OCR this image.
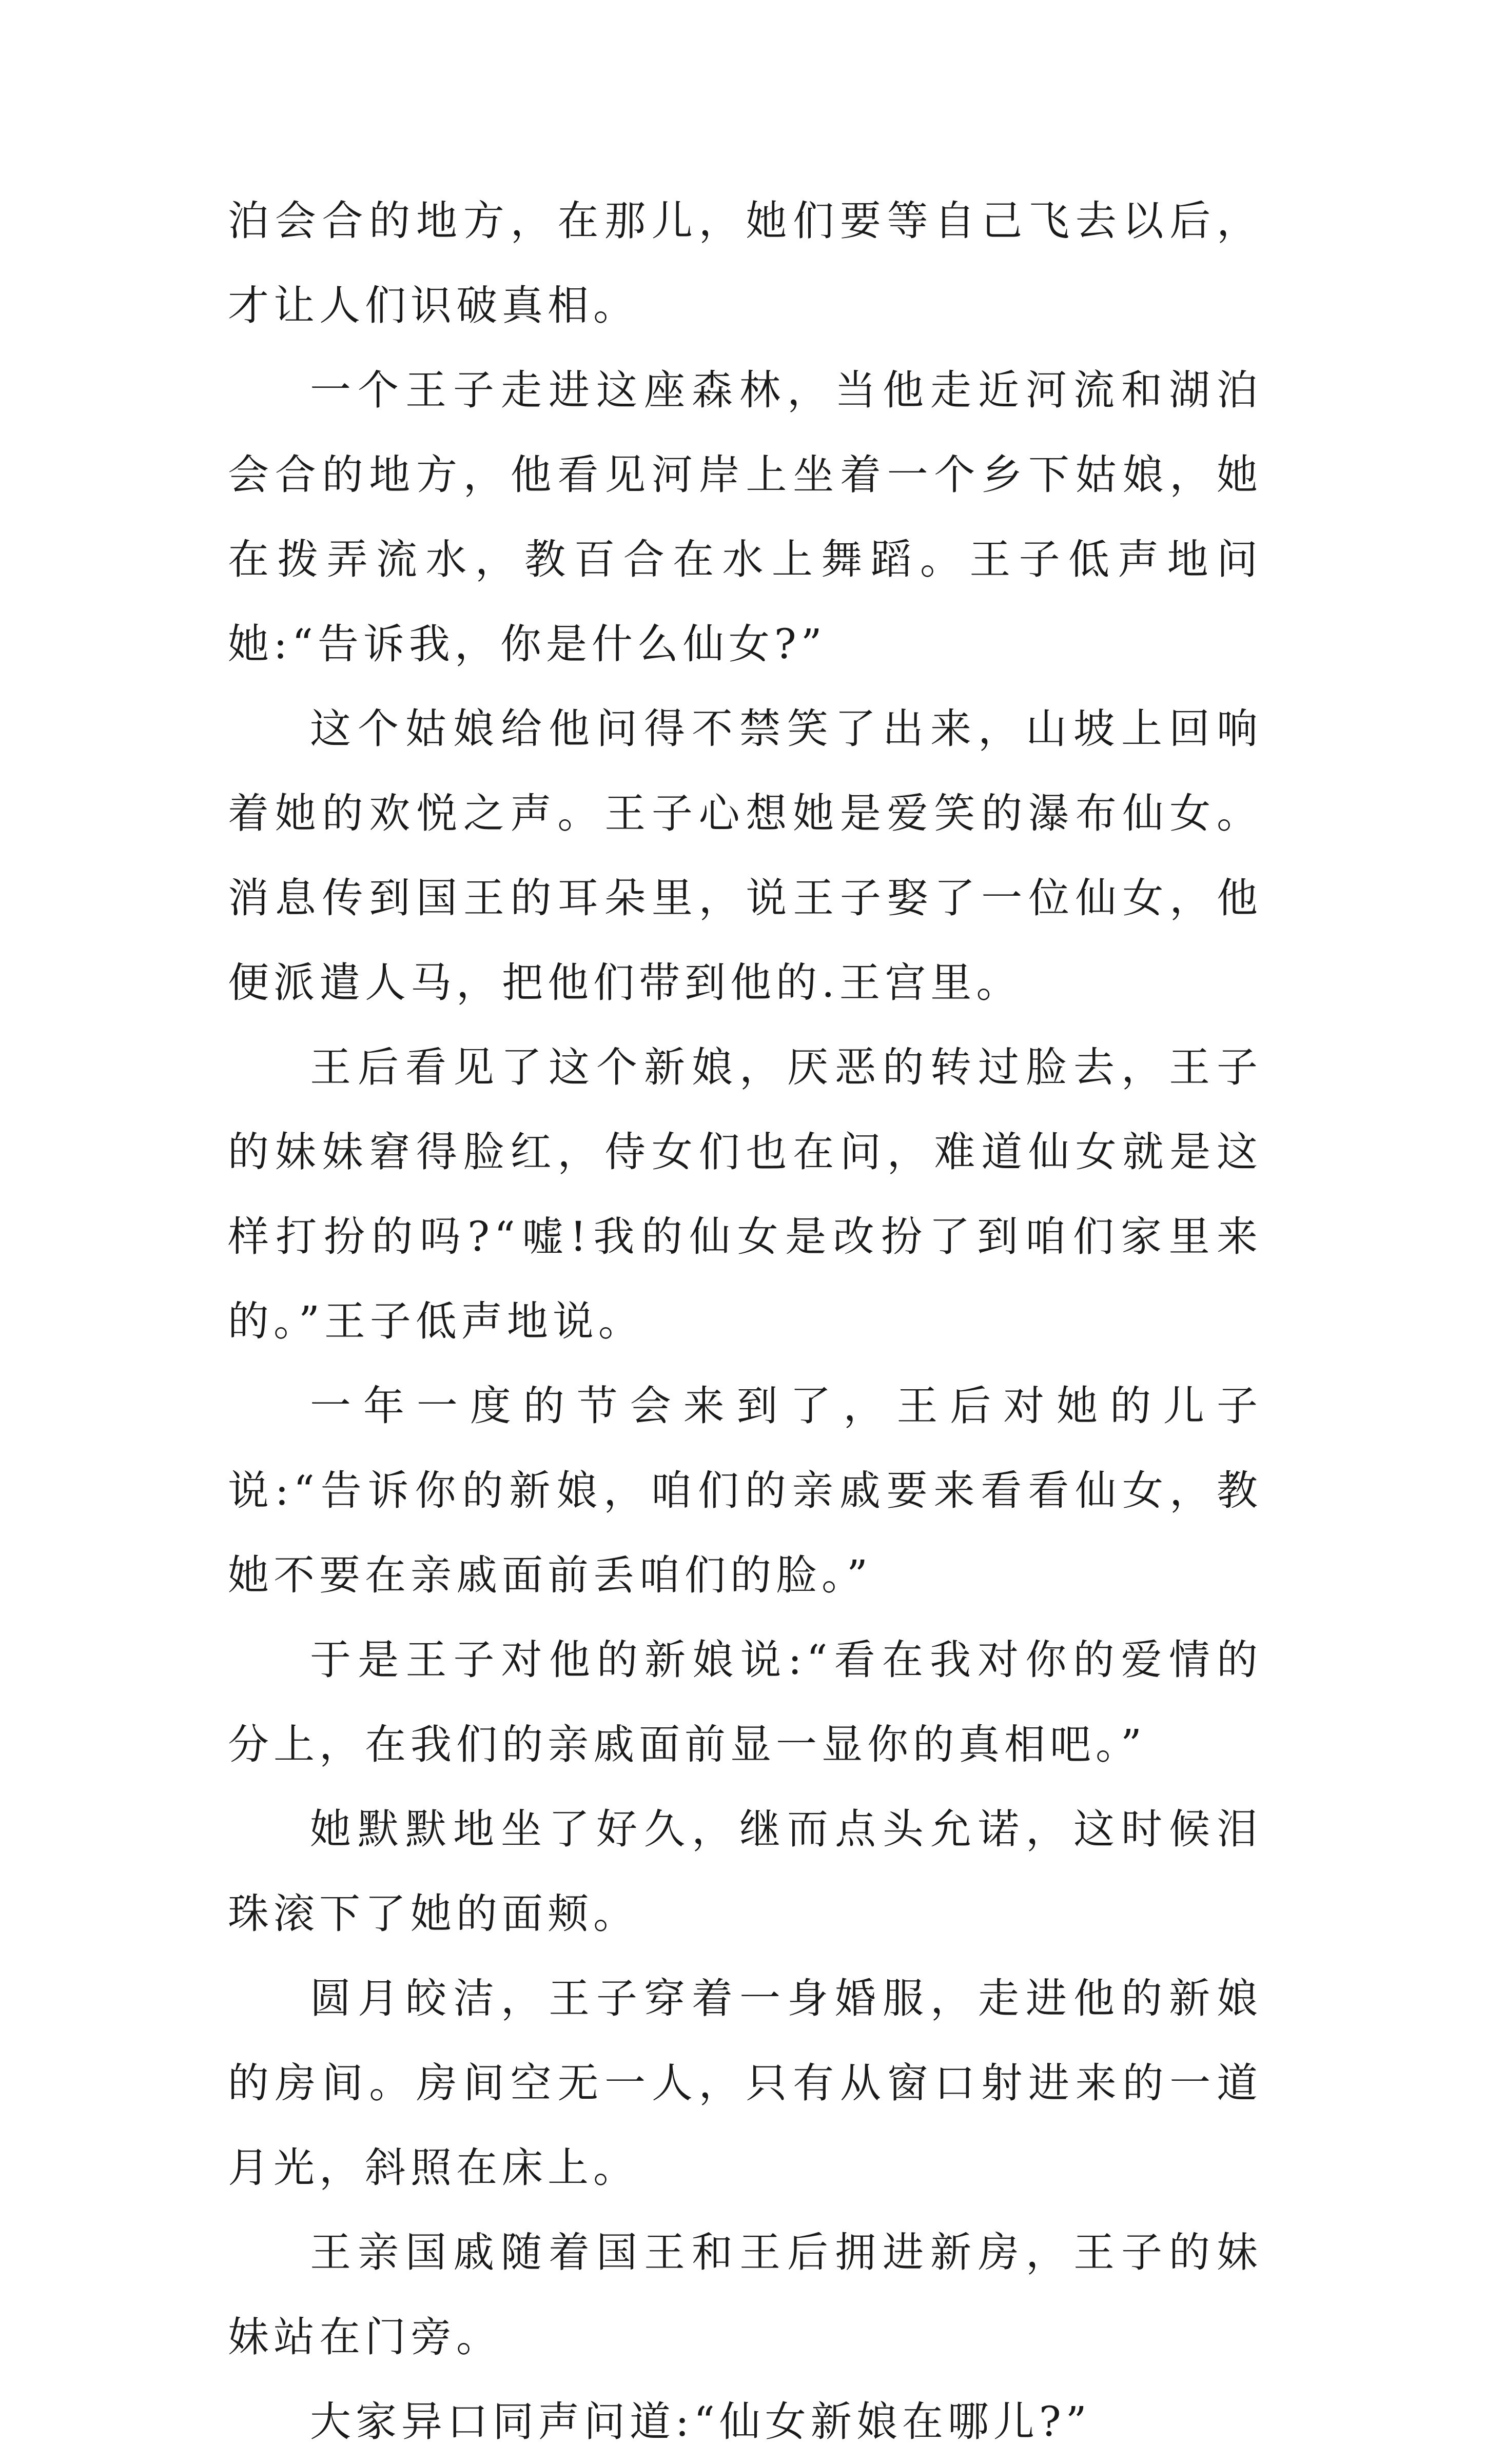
泊会合的地方，在那儿，她们要等自己飞去以后，才让人们识破真相。

一个王子走进这座森林，当他走近河流和湖泊会合的地方，他看见河岸上坐着一个乡下姑娘，她在拨弄流水，教百合在水上舞蹈。王子低声地问她:“告诉我，你是什么仙女?”

这个姑娘给他问得不禁笑了出来，山坡上回响着她的欢悦之声。王子心想她是爱笑的瀑布仙女。消息传到国王的耳朵里，说王子娶了一位仙女，他便派遣人马，把他们带到他的.王宫里。

王后看见了这个新娘，厌恶的转过脸去，王子的妹妹窘得脸红，侍女们也在问，难道仙女就是这样打扮的吗?“嘘!我的仙女是改扮了到咱们家里来的。”王子低声地说。

一年一度的节会来到了，王后对她的儿子说:“告诉你的新娘，咱们的亲戚要来看看仙女，教她不要在亲戚面前丢咱们的脸。”

于是王子对他的新娘说:“看在我对你的爱情的分上，在我们的亲戚面前显一显你的真相吧。”

她默默地坐了好久，继而点头允诺，这时候泪珠滚下了她的面颊。

圆月皎洁，王子穿着一身婚服，走进他的新娘的房间。房间空无一人，只有从窗口射进来的一道月光，斜照在床上。

王亲国戚随着国王和王后拥进新房，王子的妹妹站在门旁。

大家异口同声问道:“仙女新娘在哪儿?”
